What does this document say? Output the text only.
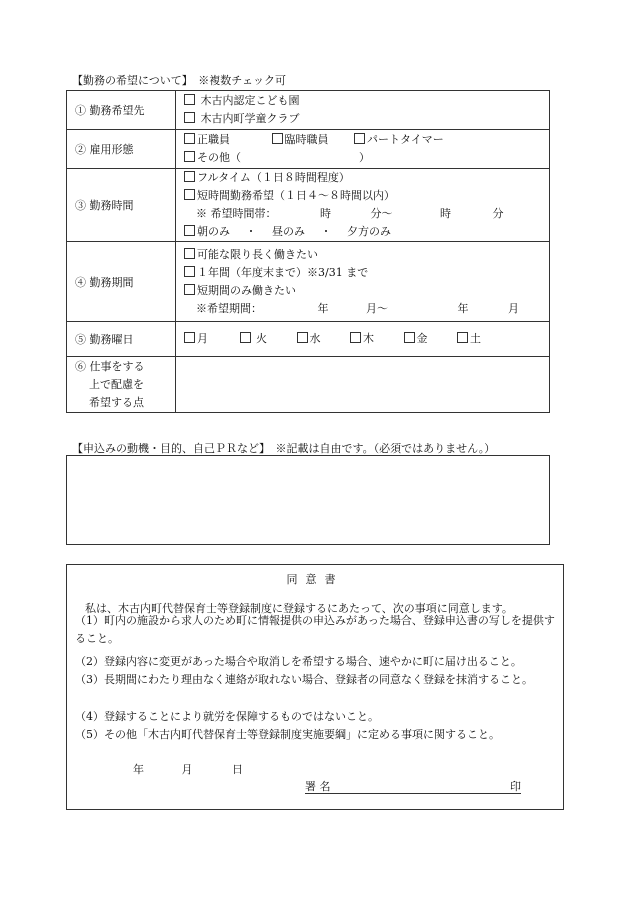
【勤務の希望について】　※複数チェック可
① 勤務希望先	木古内認定こども園
木古内町学童クラブ

② 雇用形態	正職員 臨時職員 パートタイマー
その他（ ）

③ 勤務時間	フルタイム（１日８時間程度）
短時間勤務希望（１日４～８時間以内）
※ 希望時間帯： 時 分～ 時 分
朝のみ ・ 昼のみ ・ 夕方のみ

④ 勤務期間	可能な限り長く働きたい
１年間（年度末まで）※3/31 まで
短期間のみ働きたい
※希望期間： 年 月～ 年 月

⑤ 勤務曜日	月 火 水 木 金 土

⑥ 仕事をする
上で配慮を
希望する点	

【申込みの動機・目的、自己ＰＲなど】　※記載は自由です。（必須ではありません。）
同意書
私は、木古内町代替保育士等登録制度に登録するにあたって、次の事項に同意します。
（1）町内の施設から求人のため町に情報提供の申込みがあった場合、登録申込書の写しを提供すること。
（2）登録内容に変更があった場合や取消しを希望する場合、速やかに町に届け出ること。
（3）長期間にわたり理由なく連絡が取れない場合、登録者の同意なく登録を抹消すること。
（4）登録することにより就労を保障するものではないこと。
（5）その他「木古内町代替保育士等登録制度実施要綱」に定める事項に関すること。
年	月	日
署 名	印
